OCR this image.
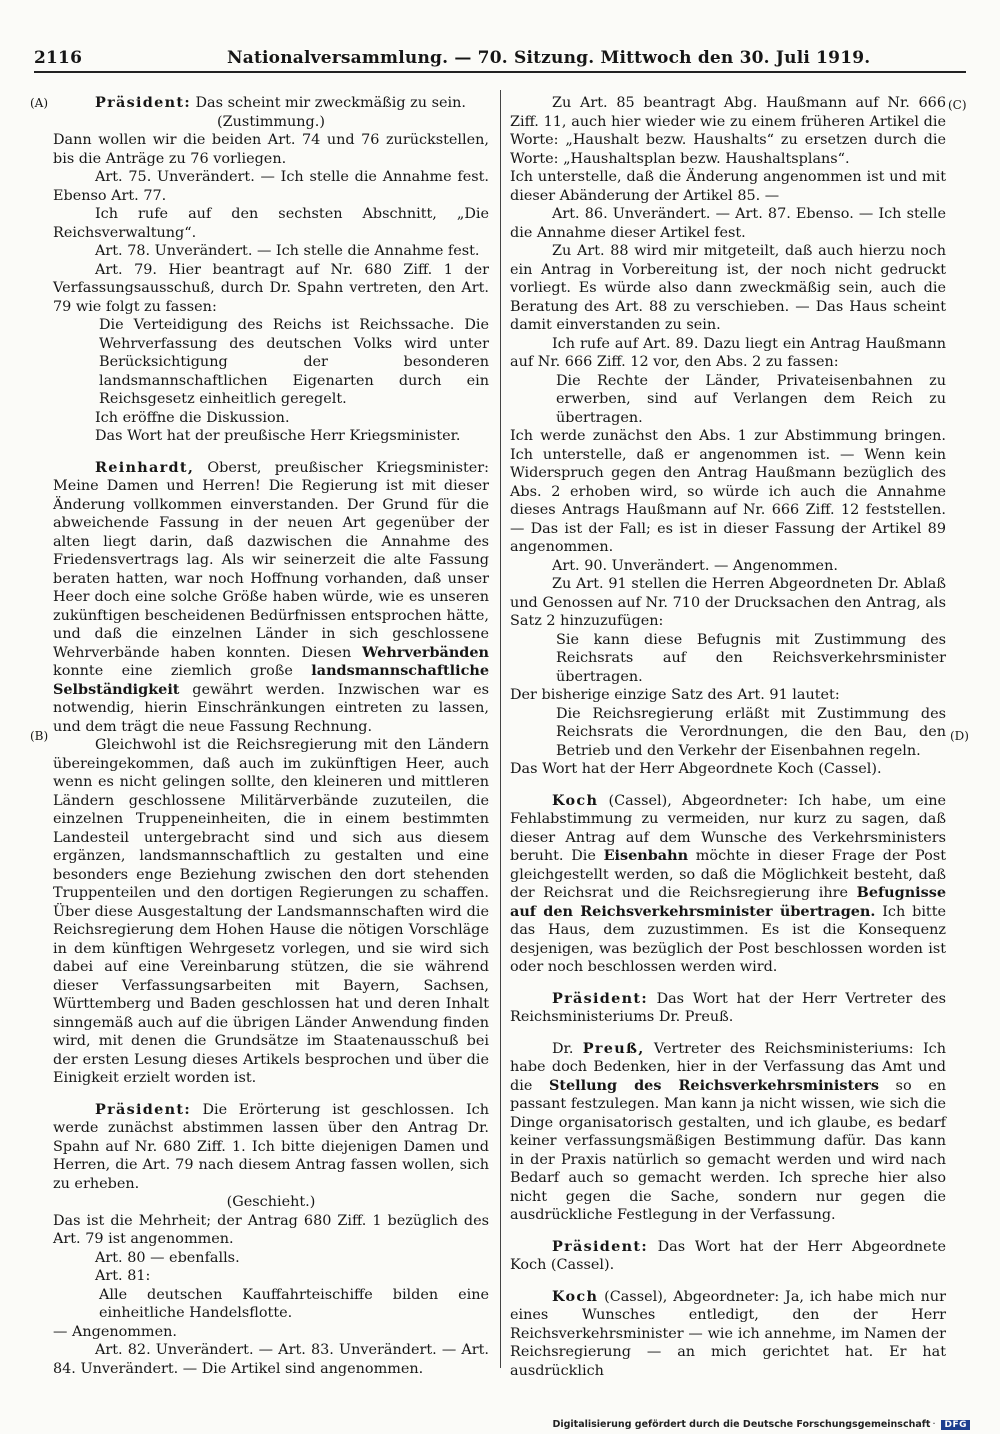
2116	Nationalversammlung. — 70. Sitzung. Mittwoch den 30. Juli 1919.
(A)
(B)
(C)
(D)

Präsident: Das scheint mir zweckmäßig zu sein.

(Zustimmung.)

Dann wollen wir die beiden Art. 74 und 76 zurückstellen, bis die Anträge zu 76 vorliegen.

Art. 75. Unverändert. — Ich stelle die Annahme fest. Ebenso Art. 77.

Ich rufe auf den sechsten Abschnitt, „Die Reichsverwaltung“.

Art. 78. Unverändert. — Ich stelle die Annahme fest.

Art. 79. Hier beantragt auf Nr. 680 Ziff. 1 der Verfassungsausschuß, durch Dr. Spahn vertreten, den Art. 79 wie folgt zu fassen:

Die Verteidigung des Reichs ist Reichssache. Die Wehrverfassung des deutschen Volks wird unter Berücksichtigung der besonderen landsmannschaftlichen Eigenarten durch ein Reichsgesetz einheitlich geregelt.

Ich eröffne die Diskussion.

Das Wort hat der preußische Herr Kriegsminister.

Reinhardt, Oberst, preußischer Kriegsminister: Meine Damen und Herren! Die Regierung ist mit dieser Änderung vollkommen einverstanden. Der Grund für die abweichende Fassung in der neuen Art gegenüber der alten liegt darin, daß dazwischen die Annahme des Friedensvertrags lag. Als wir seinerzeit die alte Fassung beraten hatten, war noch Hoffnung vorhanden, daß unser Heer doch eine solche Größe haben würde, wie es unseren zukünftigen bescheidenen Bedürfnissen entsprochen hätte, und daß die einzelnen Länder in sich geschlossene Wehrverbände haben konnten. Diesen Wehrverbänden konnte eine ziemlich große landsmannschaftliche Selbständigkeit gewährt werden. Inzwischen war es notwendig, hierin Einschränkungen eintreten zu lassen, und dem trägt die neue Fassung Rechnung.

Gleichwohl ist die Reichsregierung mit den Ländern übereingekommen, daß auch im zukünftigen Heer, auch wenn es nicht gelingen sollte, den kleineren und mittleren Ländern geschlossene Militärverbände zuzuteilen, die einzelnen Truppeneinheiten, die in einem bestimmten Landesteil untergebracht sind und sich aus diesem ergänzen, landsmannschaftlich zu gestalten und eine besonders enge Beziehung zwischen den dort stehenden Truppenteilen und den dortigen Regierungen zu schaffen. Über diese Ausgestaltung der Landsmannschaften wird die Reichsregierung dem Hohen Hause die nötigen Vorschläge in dem künftigen Wehrgesetz vorlegen, und sie wird sich dabei auf eine Vereinbarung stützen, die sie während dieser Verfassungsarbeiten mit Bayern, Sachsen, Württemberg und Baden geschlossen hat und deren Inhalt sinngemäß auch auf die übrigen Länder Anwendung finden wird, mit denen die Grundsätze im Staatenausschuß bei der ersten Lesung dieses Artikels besprochen und über die Einigkeit erzielt worden ist.

Präsident: Die Erörterung ist geschlossen. Ich werde zunächst abstimmen lassen über den Antrag Dr. Spahn auf Nr. 680 Ziff. 1. Ich bitte diejenigen Damen und Herren, die Art. 79 nach diesem Antrag fassen wollen, sich zu erheben.

(Geschieht.)

Das ist die Mehrheit; der Antrag 680 Ziff. 1 bezüglich des Art. 79 ist angenommen.

Art. 80 — ebenfalls.

Art. 81:

Alle deutschen Kauffahrteischiffe bilden eine einheitliche Handelsflotte.

— Angenommen.

Art. 82. Unverändert. — Art. 83. Unverändert. — Art. 84. Unverändert. — Die Artikel sind angenommen.

Zu Art. 85 beantragt Abg. Haußmann auf Nr. 666 Ziff. 11, auch hier wieder wie zu einem früheren Artikel die Worte: „Haushalt bezw. Haushalts“ zu ersetzen durch die Worte: „Haushaltsplan bezw. Haushaltsplans“.

Ich unterstelle, daß die Änderung angenommen ist und mit dieser Abänderung der Artikel 85. —

Art. 86. Unverändert. — Art. 87. Ebenso. — Ich stelle die Annahme dieser Artikel fest.

Zu Art. 88 wird mir mitgeteilt, daß auch hierzu noch ein Antrag in Vorbereitung ist, der noch nicht gedruckt vorliegt. Es würde also dann zweckmäßig sein, auch die Beratung des Art. 88 zu verschieben. — Das Haus scheint damit einverstanden zu sein.

Ich rufe auf Art. 89. Dazu liegt ein Antrag Haußmann auf Nr. 666 Ziff. 12 vor, den Abs. 2 zu fassen:

Die Rechte der Länder, Privateisenbahnen zu erwerben, sind auf Verlangen dem Reich zu übertragen.

Ich werde zunächst den Abs. 1 zur Abstimmung bringen. Ich unterstelle, daß er angenommen ist. — Wenn kein Widerspruch gegen den Antrag Haußmann bezüglich des Abs. 2 erhoben wird, so würde ich auch die Annahme dieses Antrags Haußmann auf Nr. 666 Ziff. 12 feststellen. — Das ist der Fall; es ist in dieser Fassung der Artikel 89 angenommen.

Art. 90. Unverändert. — Angenommen.

Zu Art. 91 stellen die Herren Abgeordneten Dr. Ablaß und Genossen auf Nr. 710 der Drucksachen den Antrag, als Satz 2 hinzuzufügen:

Sie kann diese Befugnis mit Zustimmung des Reichsrats auf den Reichsverkehrsminister übertragen.

Der bisherige einzige Satz des Art. 91 lautet:

Die Reichsregierung erläßt mit Zustimmung des Reichsrats die Verordnungen, die den Bau, den Betrieb und den Verkehr der Eisenbahnen regeln.

Das Wort hat der Herr Abgeordnete Koch (Cassel).

Koch (Cassel), Abgeordneter: Ich habe, um eine Fehlabstimmung zu vermeiden, nur kurz zu sagen, daß dieser Antrag auf dem Wunsche des Verkehrsministers beruht. Die Eisenbahn möchte in dieser Frage der Post gleichgestellt werden, so daß die Möglichkeit besteht, daß der Reichsrat und die Reichsregierung ihre Befugnisse auf den Reichsverkehrsminister übertragen. Ich bitte das Haus, dem zuzustimmen. Es ist die Konsequenz desjenigen, was bezüglich der Post beschlossen worden ist oder noch beschlossen werden wird.

Präsident: Das Wort hat der Herr Vertreter des Reichsministeriums Dr. Preuß.

Dr. Preuß, Vertreter des Reichsministeriums: Ich habe doch Bedenken, hier in der Verfassung das Amt und die Stellung des Reichsverkehrsministers so en passant festzulegen. Man kann ja nicht wissen, wie sich die Dinge organisatorisch gestalten, und ich glaube, es bedarf keiner verfassungsmäßigen Bestimmung dafür. Das kann in der Praxis natürlich so gemacht werden und wird nach Bedarf auch so gemacht werden. Ich spreche hier also nicht gegen die Sache, sondern nur gegen die ausdrückliche Festlegung in der Verfassung.

Präsident: Das Wort hat der Herr Abgeordnete Koch (Cassel).

Koch (Cassel), Abgeordneter: Ja, ich habe mich nur eines Wunsches entledigt, den der Herr Reichsverkehrsminister — wie ich annehme, im Namen der Reichsregierung — an mich gerichtet hat. Er hat ausdrücklich

Digitalisierung gefördert durch die Deutsche Forschungsgemeinschaft · DFG
